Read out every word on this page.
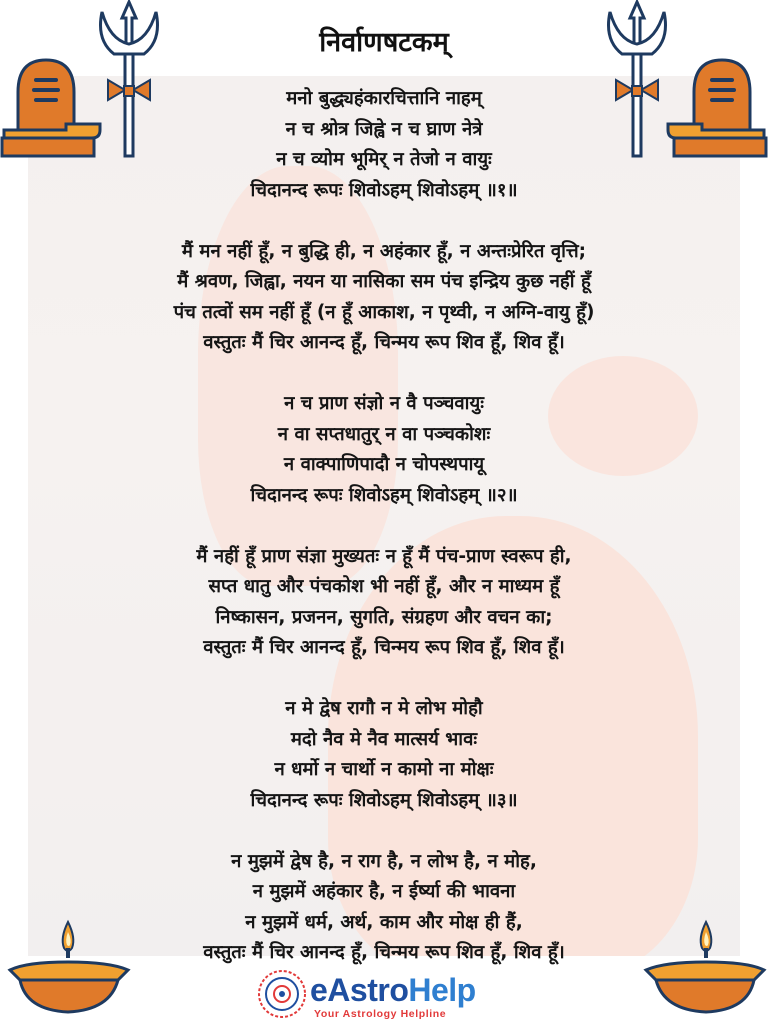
निर्वाणषटकम्
मनो बुद्ध्यहंकारचित्तानि नाहम्
न च श्रोत्र जिह्वे न च घ्राण नेत्रे
न च व्योम भूमिर् न तेजो न वायुः
चिदानन्द रूपः शिवोऽहम् शिवोऽहम् ॥१॥
मैं मन नहीं हूँ, न बुद्धि ही, न अहंकार हूँ, न अन्तःप्रेरित वृत्ति;
मैं श्रवण, जिह्वा, नयन या नासिका सम पंच इन्द्रिय कुछ नहीं हूँ
पंच तत्वों सम नहीं हूँ (न हूँ आकाश, न पृथ्वी, न अग्नि-वायु हूँ)
वस्तुतः मैं चिर आनन्द हूँ, चिन्मय रूप शिव हूँ, शिव हूँ।
न च प्राण संज्ञो न वै पञ्चवायुः
न वा सप्तधातुर् न वा पञ्चकोशः
न वाक्पाणिपादौ न चोपस्थपायू
चिदानन्द रूपः शिवोऽहम् शिवोऽहम् ॥२॥
मैं नहीं हूँ प्राण संज्ञा मुख्यतः न हूँ मैं पंच-प्राण स्वरूप ही,
सप्त धातु और पंचकोश भी नहीं हूँ, और न माध्यम हूँ
निष्कासन, प्रजनन, सुगति, संग्रहण और वचन का;
वस्तुतः मैं चिर आनन्द हूँ, चिन्मय रूप शिव हूँ, शिव हूँ।
न मे द्वेष रागौ न मे लोभ मोहौ
मदो नैव मे नैव मात्सर्य भावः
न धर्मो न चार्थो न कामो ना मोक्षः
चिदानन्द रूपः शिवोऽहम् शिवोऽहम् ॥३॥
न मुझमें द्वेष है, न राग है, न लोभ है, न मोह,
न मुझमें अहंकार है, न ईर्ष्या की भावना
न मुझमें धर्म, अर्थ, काम और मोक्ष ही हैं,
वस्तुतः मैं चिर आनन्द हूँ, चिन्मय रूप शिव हूँ, शिव हूँ।
eAstroHelp
Your Astrology Helpline
